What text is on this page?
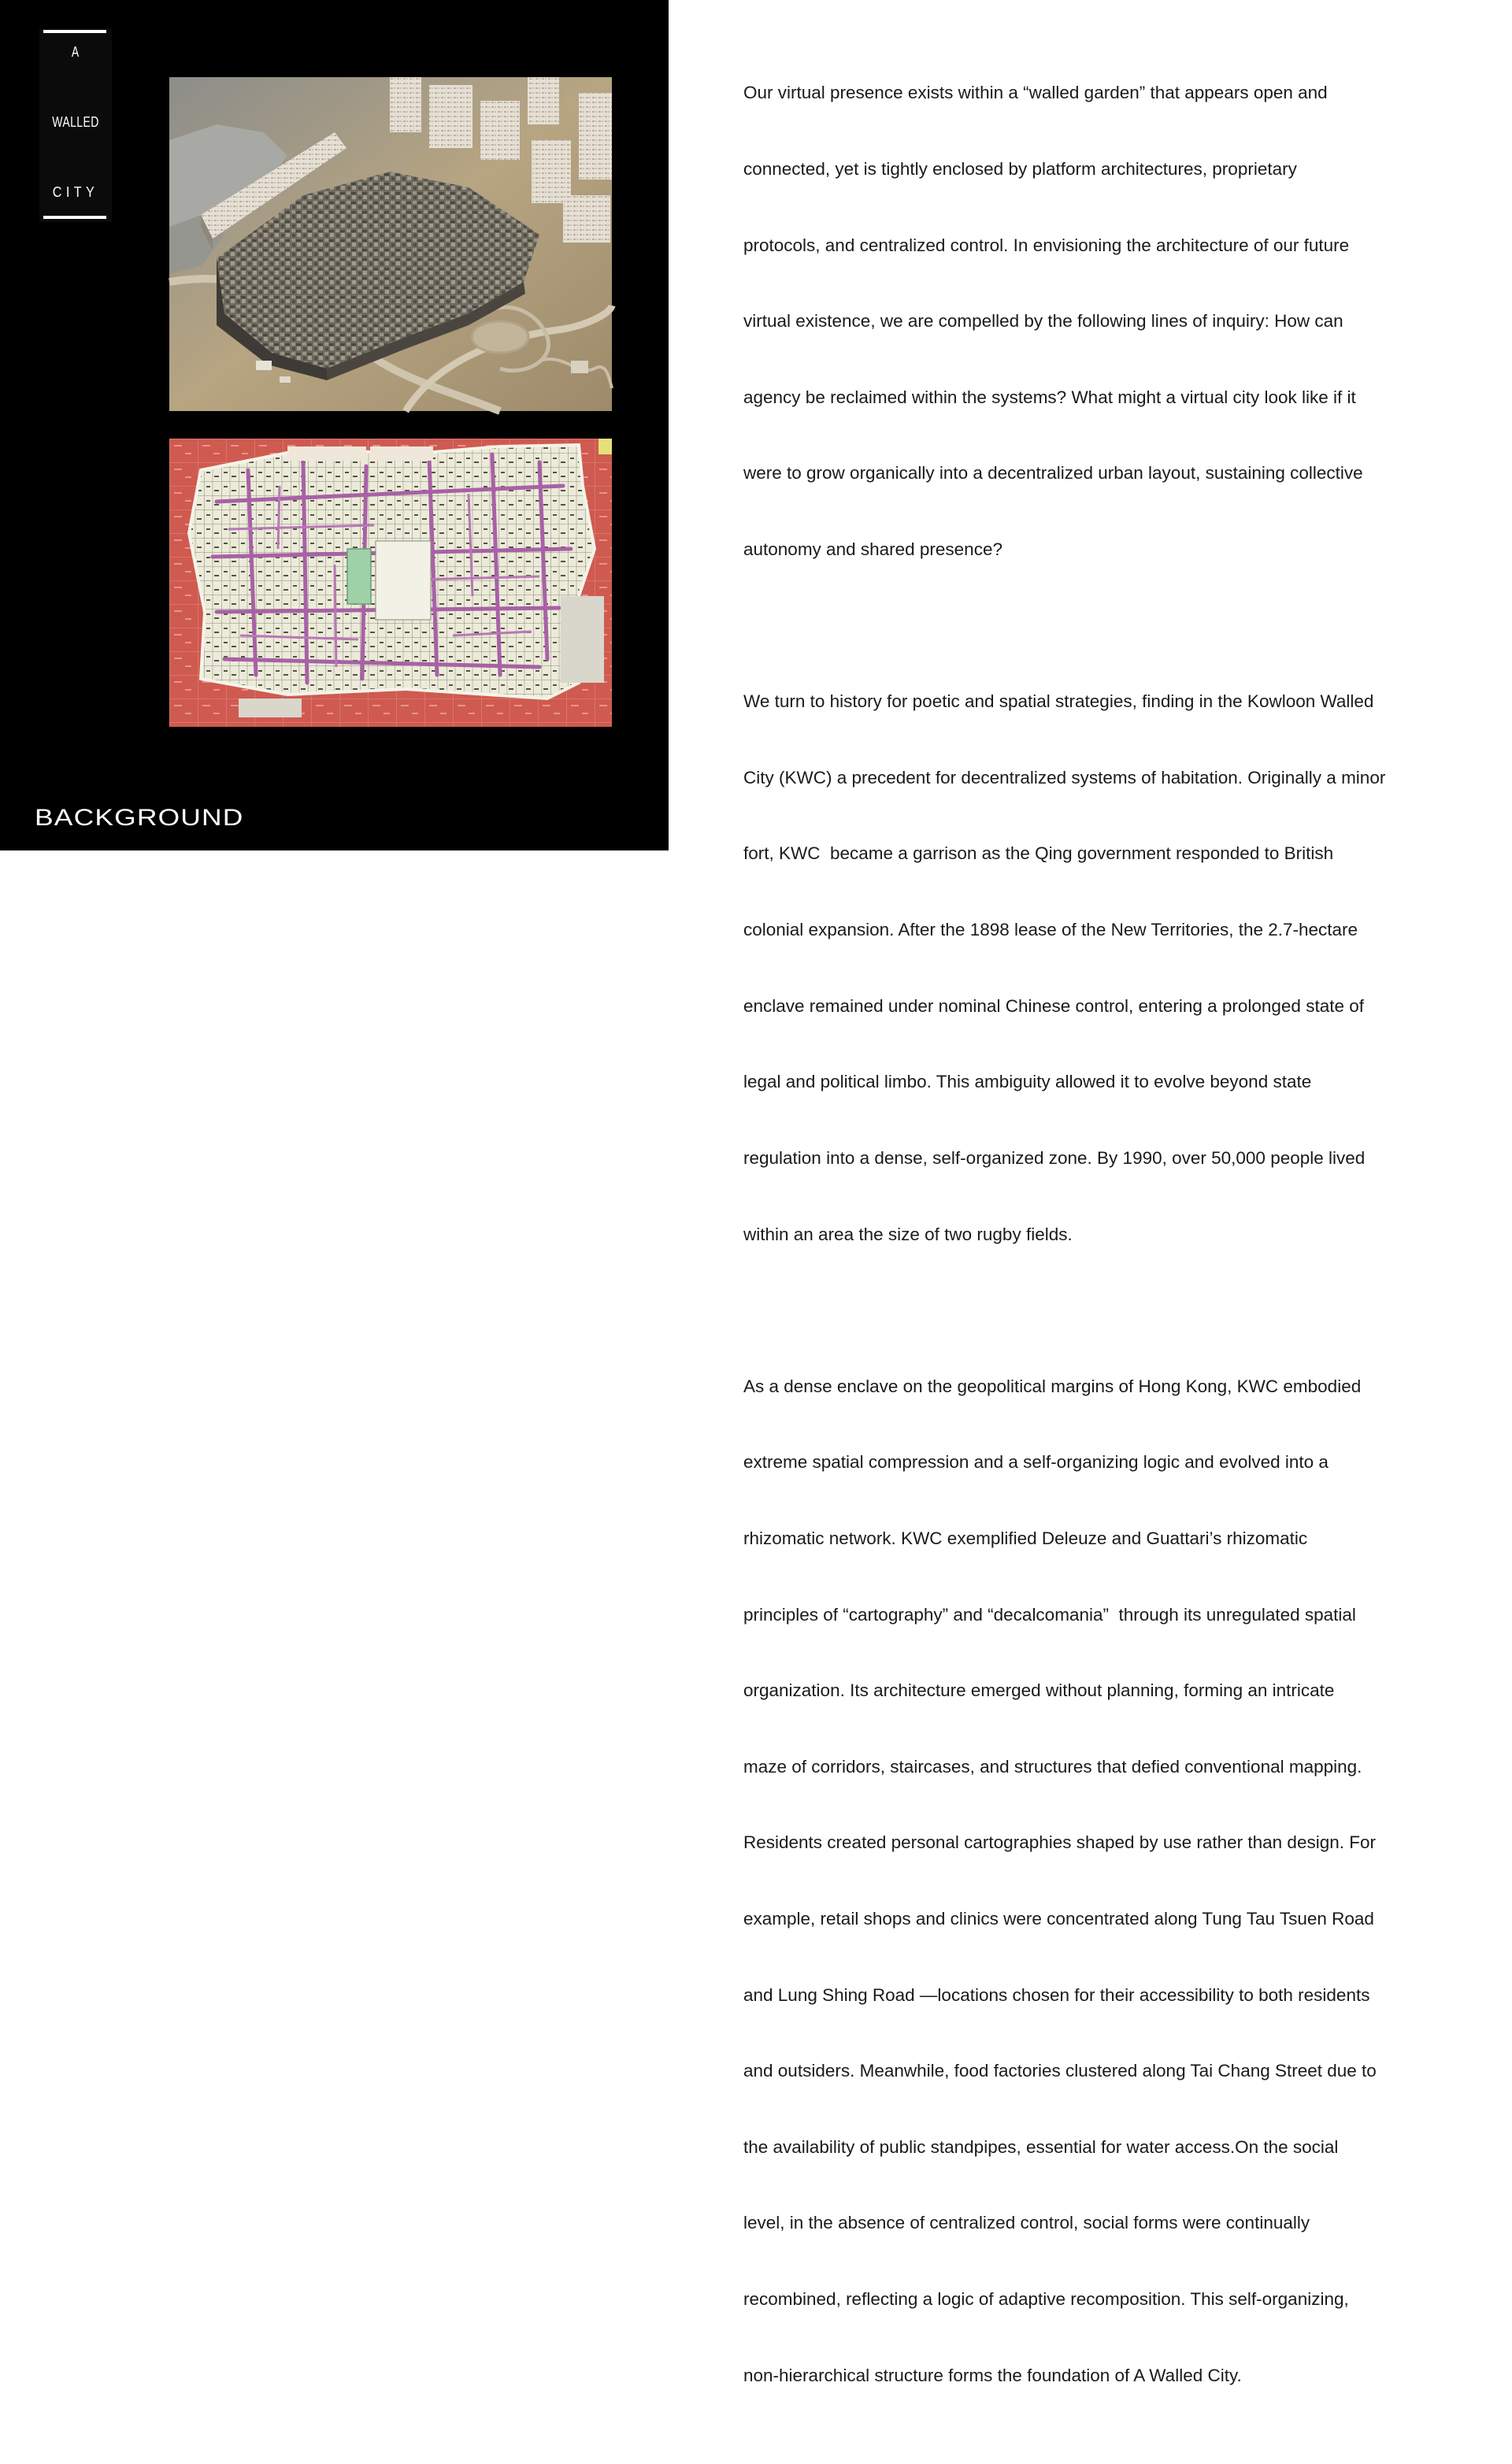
A
WALLED
CITY
BACKGROUND

Our virtual presence exists within a “walled garden” that appears open and

connected, yet is tightly enclosed by platform architectures, proprietary

protocols, and centralized control. In envisioning the architecture of our future

virtual existence, we are compelled by the following lines of inquiry: How can

agency be reclaimed within the systems? What might a virtual city look like if it

were to grow organically into a decentralized urban layout, sustaining collective

autonomy and shared presence?

We turn to history for poetic and spatial strategies, finding in the Kowloon Walled

City (KWC) a precedent for decentralized systems of habitation. Originally a minor

fort, KWC  became a garrison as the Qing government responded to British

colonial expansion. After the 1898 lease of the New Territories, the 2.7-hectare

enclave remained under nominal Chinese control, entering a prolonged state of

legal and political limbo. This ambiguity allowed it to evolve beyond state

regulation into a dense, self-organized zone. By 1990, over 50,000 people lived

within an area the size of two rugby fields.

As a dense enclave on the geopolitical margins of Hong Kong, KWC embodied

extreme spatial compression and a self-organizing logic and evolved into a

rhizomatic network. KWC exemplified Deleuze and Guattari’s rhizomatic

principles of “cartography” and “decalcomania”  through its unregulated spatial

organization. Its architecture emerged without planning, forming an intricate

maze of corridors, staircases, and structures that defied conventional mapping.

Residents created personal cartographies shaped by use rather than design. For

example, retail shops and clinics were concentrated along Tung Tau Tsuen Road

and Lung Shing Road —locations chosen for their accessibility to both residents

and outsiders. Meanwhile, food factories clustered along Tai Chang Street due to

the availability of public standpipes, essential for water access.On the social

level, in the absence of centralized control, social forms were continually

recombined, reflecting a logic of adaptive recomposition. This self-organizing,

non-hierarchical structure forms the foundation of A Walled City.
